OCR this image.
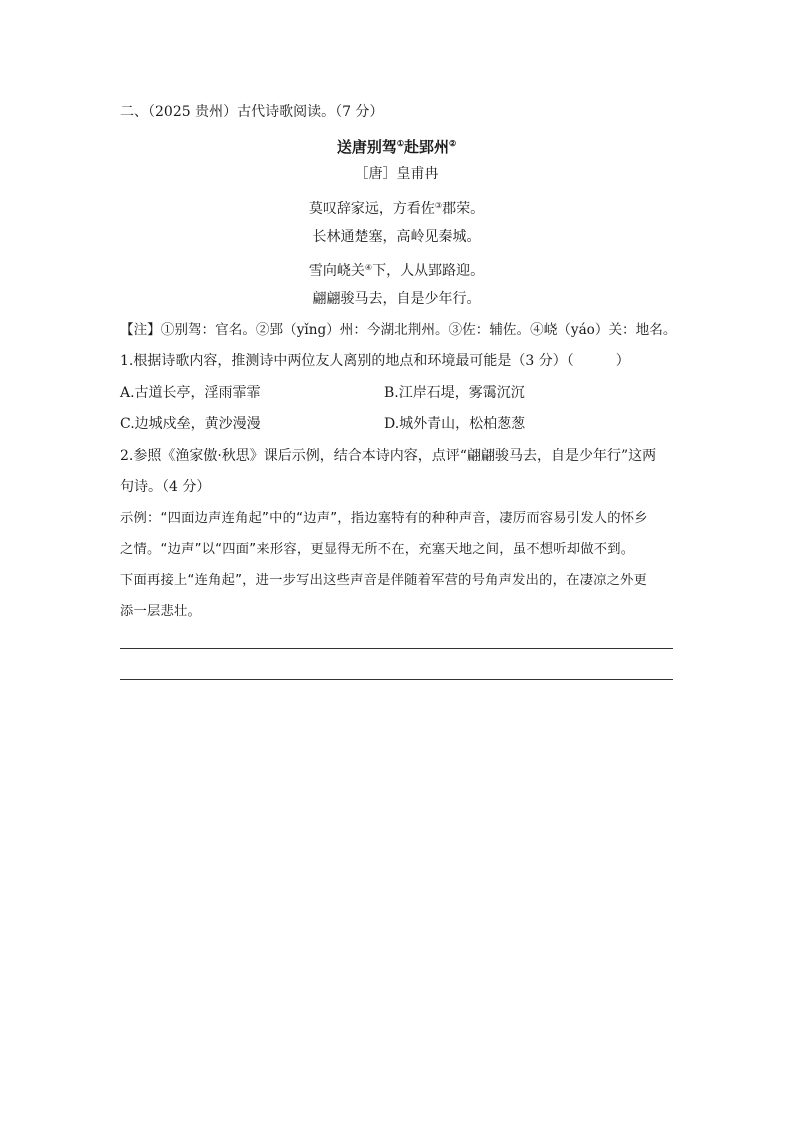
二、（2025 贵州）古代诗歌阅读。（7 分）
送唐别驾①赴郢州②
［唐］皇甫冉
莫叹辞家远，方看佐③郡荣。
长林通楚塞，高岭见秦城。
雪向峣关④下，人从郢路迎。
翩翩骏马去，自是少年行。
【注】①别驾：官名。②郢（yǐng）州：今湖北荆州。③佐：辅佐。④峣（yáo）关：地名。
1.根据诗歌内容，推测诗中两位友人离别的地点和环境最可能是（3 分）（　　　）
A.古道长亭，淫雨霏霏	B.江岸石堤，雾霭沉沉
C.边城戍垒，黄沙漫漫	D.城外青山，松柏葱葱
2.参照《渔家傲·秋思》课后示例，结合本诗内容，点评“翩翩骏马去，自是少年行”这两
句诗。（4 分）
示例：“四面边声连角起”中的“边声”，指边塞特有的种种声音，凄厉而容易引发人的怀乡
之情。“边声”以“四面”来形容，更显得无所不在，充塞天地之间，虽不想听却做不到。
下面再接上“连角起”，进一步写出这些声音是伴随着军营的号角声发出的，在凄凉之外更
添一层悲壮。
